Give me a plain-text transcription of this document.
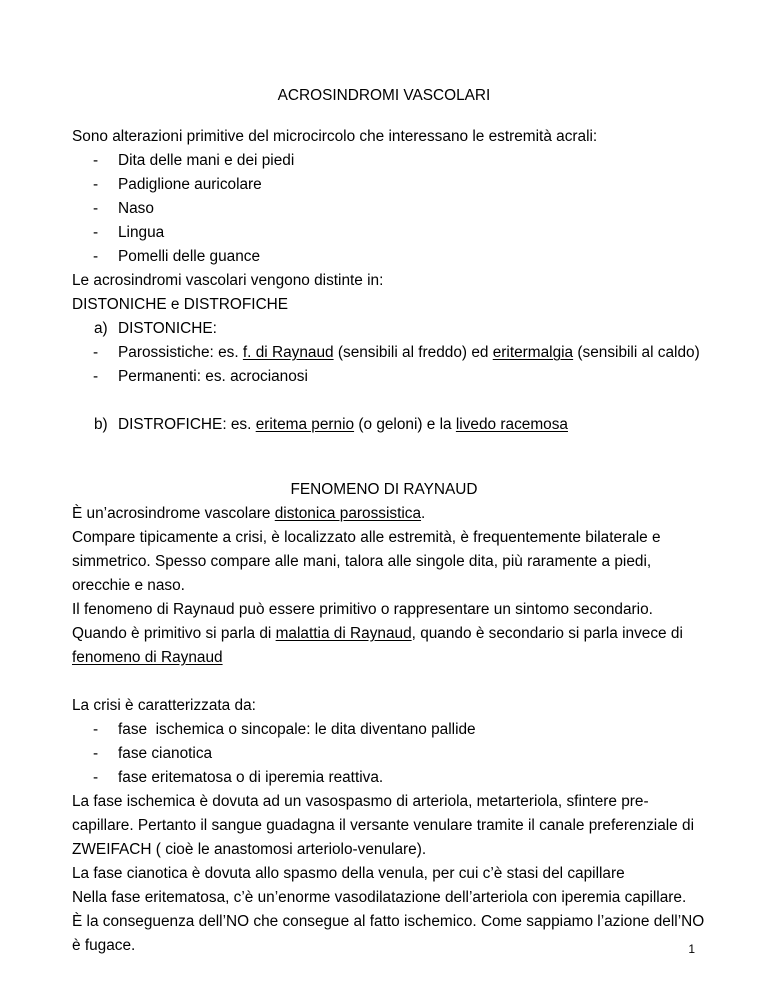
ACROSINDROMI VASCOLARI
Sono alterazioni primitive del microcircolo che interessano le estremità acrali:
- Dita delle mani e dei piedi
- Padiglione auricolare
- Naso
- Lingua
- Pomelli delle guance
Le acrosindromi vascolari vengono distinte in:
DISTONICHE e DISTROFICHE
a) DISTONICHE:
- Parossistiche: es. f. di Raynaud (sensibili al freddo) ed eritermalgia (sensibili al caldo)
- Permanenti: es. acrocianosi
b) DISTROFICHE: es. eritema pernio (o geloni) e la livedo racemosa
FENOMENO DI RAYNAUD
È un’acrosindrome vascolare distonica parossistica.
Compare tipicamente a crisi, è localizzato alle estremità, è frequentemente bilaterale e
simmetrico. Spesso compare alle mani, talora alle singole dita, più raramente a piedi,
orecchie e naso.
Il fenomeno di Raynaud può essere primitivo o rappresentare un sintomo secondario.
Quando è primitivo si parla di malattia di Raynaud, quando è secondario si parla invece di
fenomeno di Raynaud
La crisi è caratterizzata da:
- fase  ischemica o sincopale: le dita diventano pallide
- fase cianotica
- fase eritematosa o di iperemia reattiva.
La fase ischemica è dovuta ad un vasospasmo di arteriola, metarteriola, sfintere pre-
capillare. Pertanto il sangue guadagna il versante venulare tramite il canale preferenziale di
ZWEIFACH ( cioè le anastomosi arteriolo-venulare).
La fase cianotica è dovuta allo spasmo della venula, per cui c’è stasi del capillare
Nella fase eritematosa, c’è un’enorme vasodilatazione dell’arteriola con iperemia capillare.
È la conseguenza dell’NO che consegue al fatto ischemico. Come sappiamo l’azione dell’NO
è fugace.	1
